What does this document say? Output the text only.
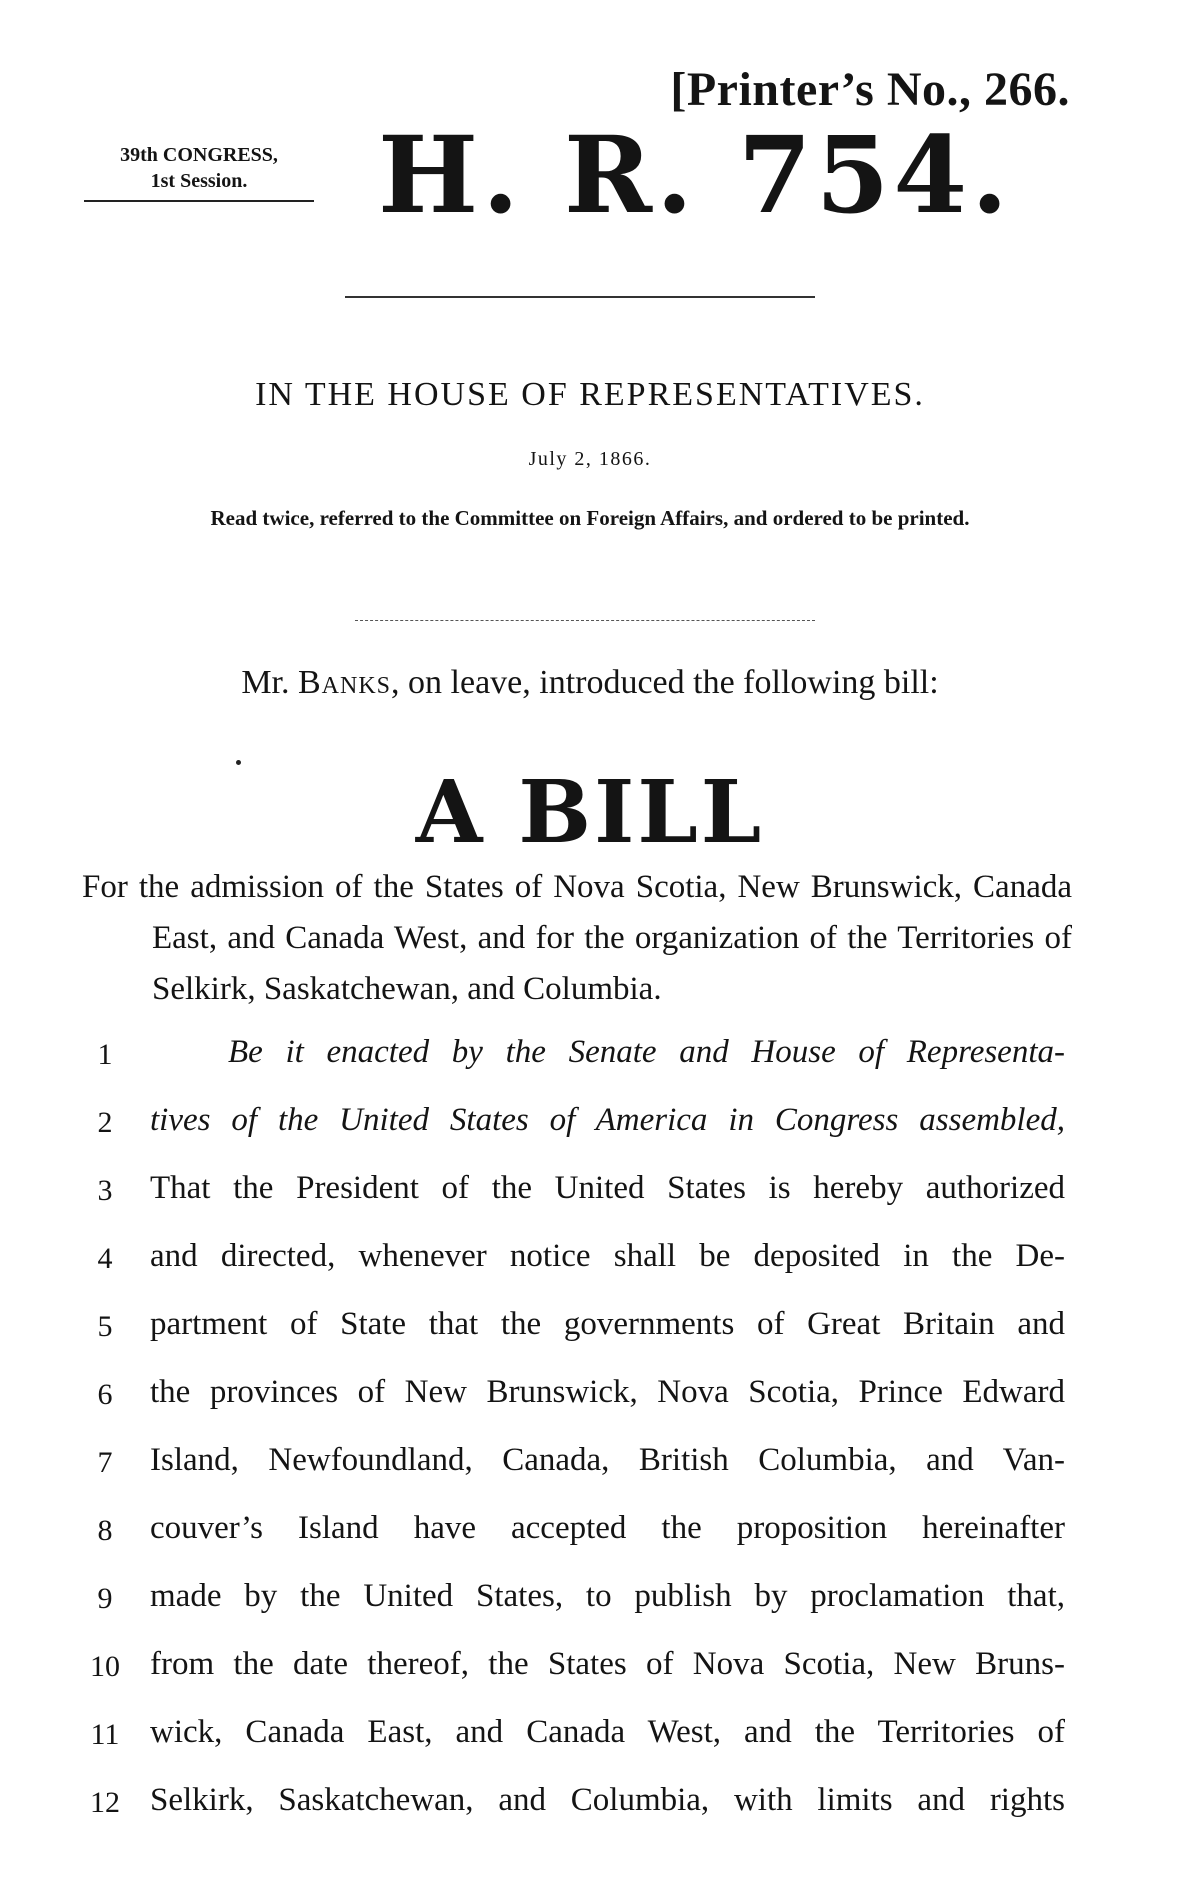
[Printer’s No., 266.
39th CONGRESS,
1st Session.	H. R. 754.
IN THE HOUSE OF REPRESENTATIVES.
July 2, 1866.
Read twice, referred to the Committee on Foreign Affairs, and ordered to be printed.
Mr. Banks, on leave, introduced the following bill:
A BILL
For the admission of the States of Nova Scotia, New Brunswick, Canada East, and Canada West, and for the organization of the Territories of Selkirk, Saskatchewan, and Columbia.
1	Be it enacted by the Senate and House of Representa-
2	tives of the United States of America in Congress assembled,
3	That the President of the United States is hereby authorized
4	and directed, whenever notice shall be deposited in the De-
5	partment of State that the governments of Great Britain and
6	the provinces of New Brunswick, Nova Scotia, Prince Edward
7	Island, Newfoundland, Canada, British Columbia, and Van-
8	couver’s Island have accepted the proposition hereinafter
9	made by the United States, to publish by proclamation that,
10 from the date thereof, the States of Nova Scotia, New Bruns-
11 wick, Canada East, and Canada West, and the Territories of
12 Selkirk, Saskatchewan, and Columbia, with limits and rights
